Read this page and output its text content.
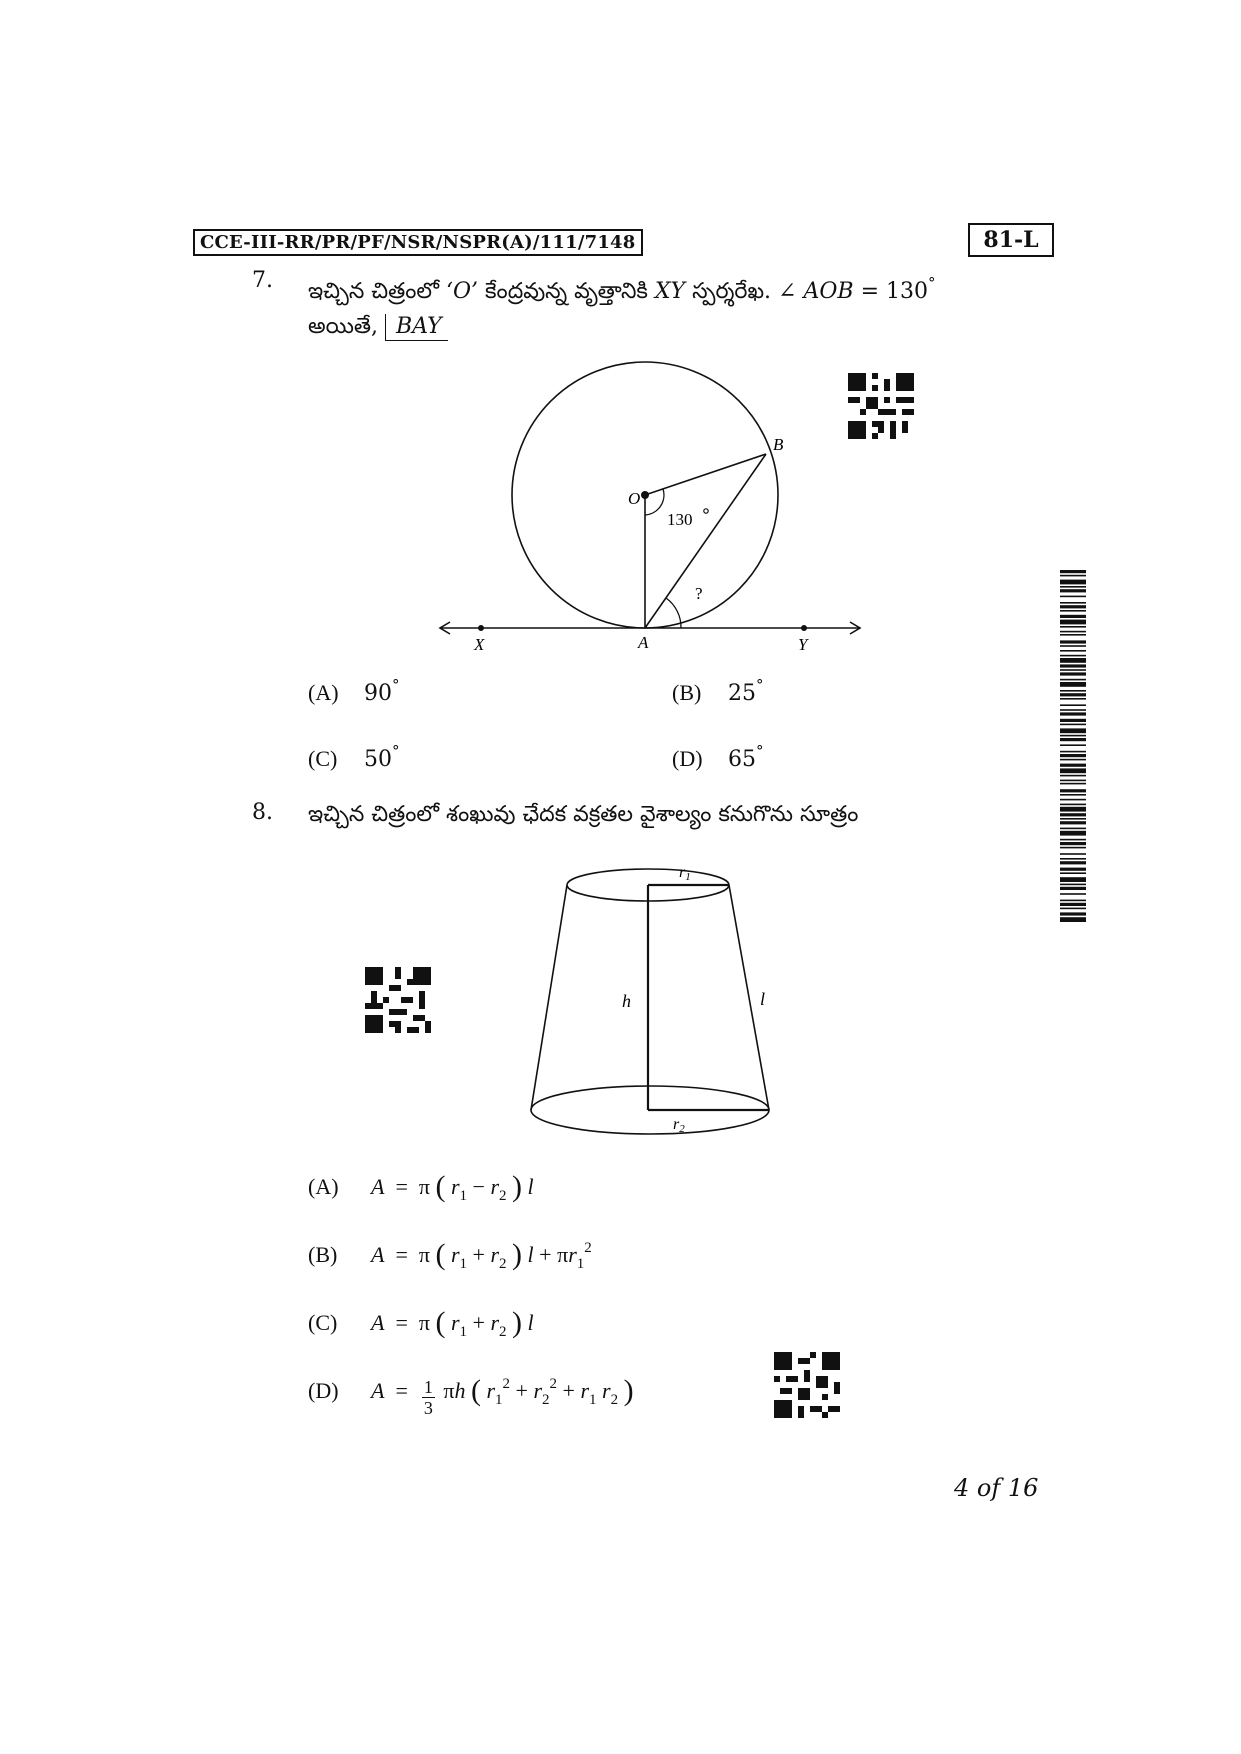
CCE-III-RR/PR/PF/NSR/NSPR(A)/111/7148	81-L
7. ఇచ్చిన చిత్రంలో ‘O’ కేంద్రవున్న వృత్తానికి XY స్పర్శరేఖ. ∠ AOB = 130°
అయితే, BAY
O
B
A
X	Y
130
?
(A) 90°	(B) 25°
(C) 50°	(D) 65°
8. ఇచ్చిన చిత్రంలో శంఖువు ఛేదక వక్రతల వైశాల్యం కనుగొను సూత్రం
r1
r2
h	l
(A) A = π ( $r_1 - r_2$ ) l
(B) A = π ( $r_1 + r_2$ ) $l + \pi r_1^2$
(C) A = π ( $r_1 + r_2$ ) l
(D) $A = \frac{1}{3}$ πh ( $r_1^2 + r_2^2 + r_1$ $r_2$ )
4 of 16
